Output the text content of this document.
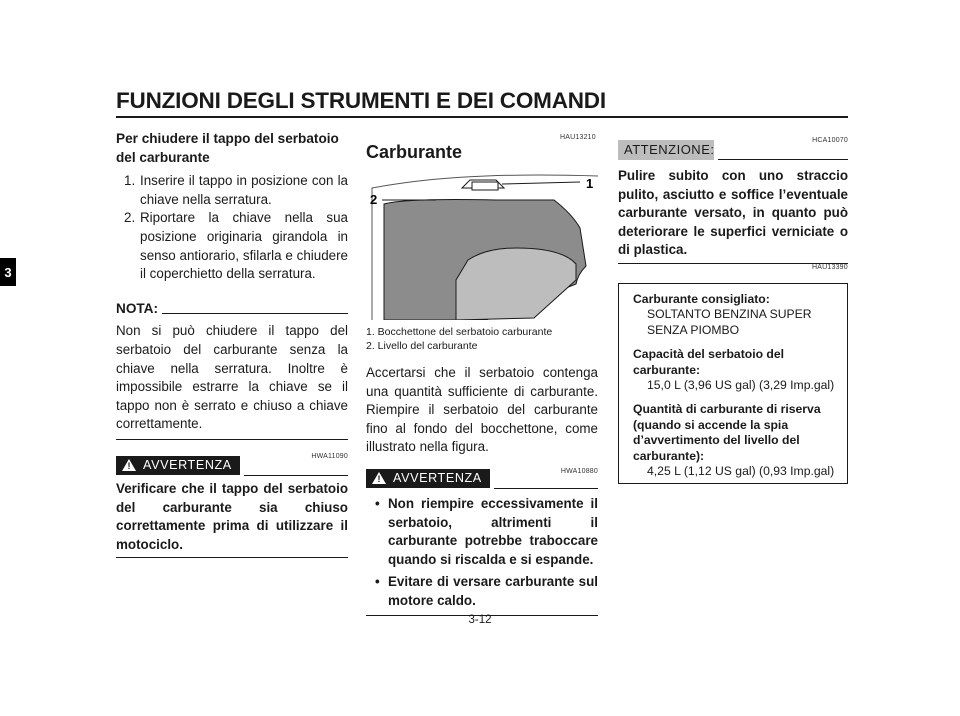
FUNZIONI DEGLI STRUMENTI E DEI COMANDI
3
Per chiudere il tappo del serbatoio del carburante
1. Inserire il tappo in posizione con la chiave nella serratura.
2. Riportare la chiave nella sua posizione originaria girandola in senso antiorario, sfilarla e chiudere il coperchietto della serratura.
NOTA:
Non si può chiudere il tappo del serbatoio del carburante senza la chiave nella serratura. Inoltre è impossibile estrarre la chiave se il tappo non è serrato e chiuso a chiave correttamente.
HWA11090
! AVVERTENZA
Verificare che il tappo del serbatoio del carburante sia chiuso correttamente prima di utilizzare il motociclo.
HAU13210
Carburante
1
2
1. Bocchettone del serbatoio carburante
2. Livello del carburante
Accertarsi che il serbatoio contenga una quantità sufficiente di carburante. Riempire il serbatoio del carburante fino al fondo del bocchettone, come illustrato nella figura.
HWA10880
! AVVERTENZA
• Non riempire eccessivamente il serbatoio, altrimenti il carburante potrebbe traboccare quando si riscalda e si espande.
• Evitare di versare carburante sul motore caldo.
HCA10070
ATTENZIONE:
Pulire subito con uno straccio pulito, asciutto e soffice l’eventuale carburante versato, in quanto può deteriorare le superfici verniciate o di plastica.
HAU13390
Carburante consigliato:
SOLTANTO BENZINA SUPER
SENZA PIOMBO
Capacità del serbatoio del carburante:
15,0 L (3,96 US gal) (3,29 Imp.gal)
Quantità di carburante di riserva (quando si accende la spia d’avvertimento del livello del carburante):
4,25 L (1,12 US gal) (0,93 Imp.gal)
3-12
